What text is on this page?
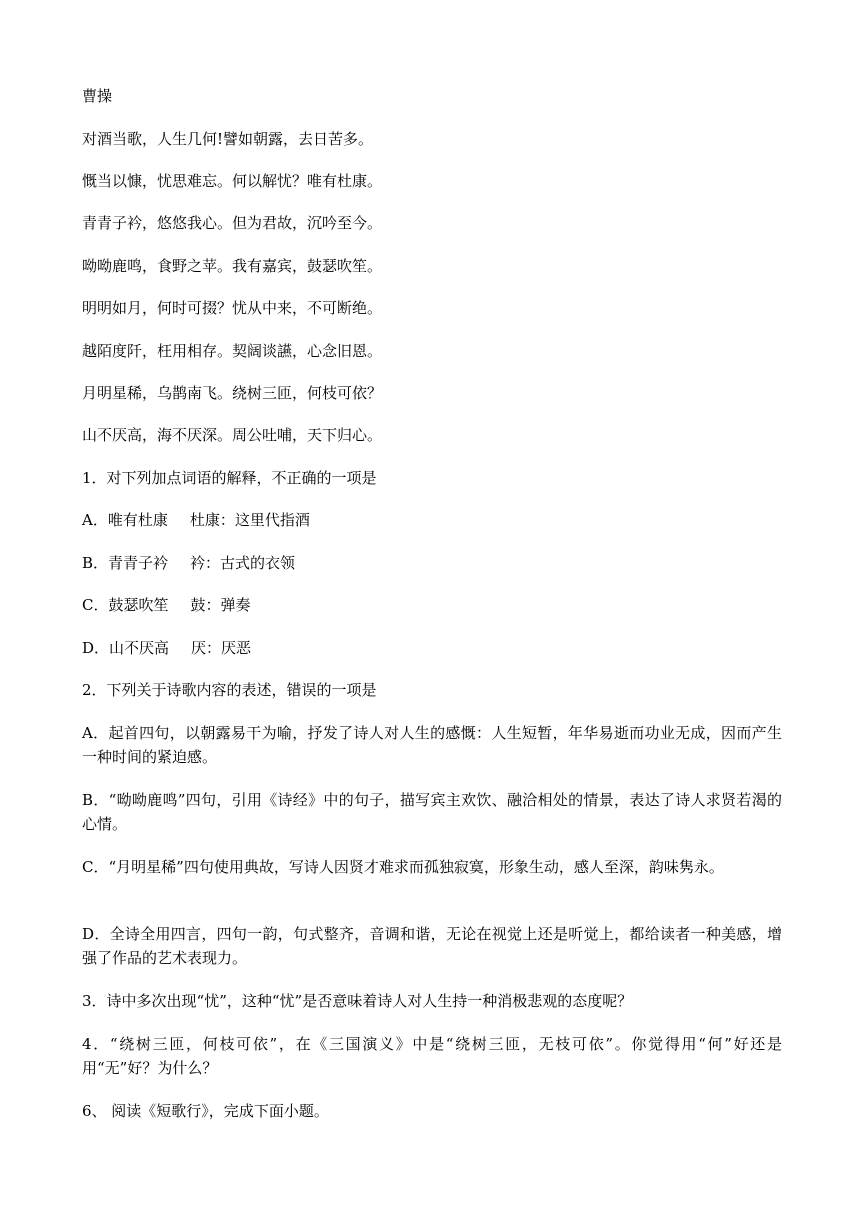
曹操
对酒当歌，人生几何!譬如朝露，去日苦多。
慨当以慷，忧思难忘。何以解忧？唯有杜康。
青青子衿，悠悠我心。但为君故，沉吟至今。
呦呦鹿鸣，食野之苹。我有嘉宾，鼓瑟吹笙。
明明如月，何时可掇？忧从中来，不可断绝。
越陌度阡，枉用相存。契阔谈讌，心念旧恩。
月明星稀，乌鹊南飞。绕树三匝，何枝可依？
山不厌高，海不厌深。周公吐哺，天下归心。
1．对下列加点词语的解释，不正确的一项是
A．唯有杜康 杜康：这里代指酒
B．青青子衿 衿：古式的衣领
C．鼓瑟吹笙 鼓：弹奏
D．山不厌高 厌：厌恶
2．下列关于诗歌内容的表述，错误的一项是
A．起首四句，以朝露易干为喻，抒发了诗人对人生的感慨：人生短暂，年华易逝而功业无成，因而产生一种时间的紧迫感。
B．“呦呦鹿鸣”四句，引用《诗经》中的句子，描写宾主欢饮、融洽相处的情景，表达了诗人求贤若渴的心情。
C．“月明星稀”四句使用典故，写诗人因贤才难求而孤独寂寞，形象生动，感人至深，韵味隽永。
D．全诗全用四言，四句一韵，句式整齐，音调和谐，无论在视觉上还是听觉上，都给读者一种美感，增强了作品的艺术表现力。
3．诗中多次出现“忧”，这种“忧”是否意味着诗人对人生持一种消极悲观的态度呢？
4．“绕树三匝，何枝可依”，在《三国演义》中是“绕树三匝，无枝可依”。你觉得用“何”好还是用“无”好？为什么？
6、 阅读《短歌行》，完成下面小题。
